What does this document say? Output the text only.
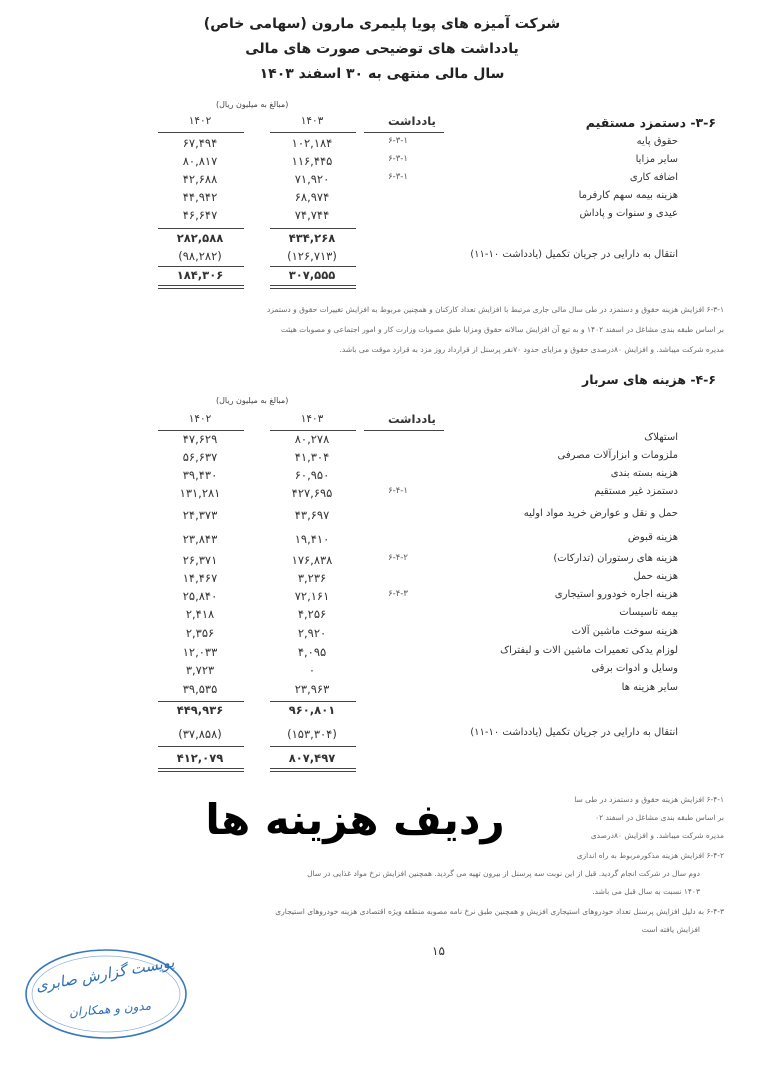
شرکت آمیزه های پویا پلیمری مارون (سهامی خاص)
یادداشت های توضیحی صورت های مالی
سال مالی منتهی به ۳۰ اسفند ۱۴۰۳
۳-۶- دستمزد مستقیم
(مبالغ به میلیون ریال)
۱۴۰۲	۱۴۰۳	یادداشت
۶۷,۴۹۴	۱۰۲,۱۸۴	۶-۳-۱	حقوق پایه
۸۰,۸۱۷	۱۱۶,۴۴۵	۶-۳-۱	سایر مزایا
۴۲,۶۸۸	۷۱,۹۲۰	۶-۳-۱	اضافه کاری
۴۴,۹۴۲	۶۸,۹۷۴	هزینه بیمه سهم کارفرما
۴۶,۶۴۷	۷۴,۷۴۴	عیدی و سنوات و پاداش
۲۸۲,۵۸۸	۴۳۴,۲۶۸
(۹۸,۲۸۲)	(۱۲۶,۷۱۳)	انتقال به دارایی در جریان تکمیل (یادداشت ۱۰-۱۱)
۱۸۴,۳۰۶	۳۰۷,۵۵۵
۶-۳-۱ افزایش هزینه حقوق و دستمزد در طی سال مالی جاری مرتبط با افزایش تعداد کارکنان و همچنین مربوط به افزایش تغییرات حقوق و دستمزد
بر اساس طبقه بندی مشاغل در اسفند ۱۴۰۲ و به تبع آن افزایش سالانه حقوق ومزایا طبق مصوبات وزارت کار و امور اجتماعی و مصوبات هیئت
مدیره شرکت میباشد. و افزایش ۸۰درصدی حقوق و مزایای حدود ۷۰نفر پرسنل از قرارداد روز مزد به قرارد موقت می باشد.
۴-۶- هزینه های سربار
(مبالغ به میلیون ریال)
۱۴۰۲	۱۴۰۳	یادداشت
۴۷,۶۲۹	۸۰,۲۷۸	استهلاک
۵۶,۶۳۷	۴۱,۳۰۴	ملزومات و ابزارآلات مصرفی
۳۹,۴۳۰	۶۰,۹۵۰	هزینه بسته بندی
۱۳۱,۲۸۱	۴۲۷,۶۹۵	۶-۴-۱	دستمزد غیر مستقیم
۲۴,۳۷۳	۴۳,۶۹۷	حمل و نقل و عوارض خرید مواد اولیه
۲۳,۸۴۳	۱۹,۴۱۰	هزینه قبوض
۲۶,۳۷۱	۱۷۶,۸۳۸	۶-۴-۲	هزینه های رستوران (تدارکات)
۱۴,۴۶۷	۳,۲۳۶	هزینه حمل
۲۵,۸۴۰	۷۲,۱۶۱	۶-۴-۳	هزینه اجاره خودورو استیجاری
۲,۴۱۸	۴,۲۵۶	بیمه تاسیسات
۲,۳۵۶	۲,۹۲۰	هزینه سوخت ماشین آلات
۱۲,۰۳۳	۴,۰۹۵	لوزام یدکی تعمیرات ماشین الات و لیفتراک
۳,۷۲۳	۰	وسایل و ادوات برقی
۳۹,۵۳۵	۲۳,۹۶۳	سایر هزینه ها
۴۴۹,۹۳۶	۹۶۰,۸۰۱
(۳۷,۸۵۸)	(۱۵۳,۳۰۴)	انتقال به دارایی در جریان تکمیل (یادداشت ۱۰-۱۱)
۴۱۲,۰۷۹	۸۰۷,۴۹۷
۶-۴-۱ افزایش هزینه حقوق و دستمزد در طی سا
بر اساس طبقه بندی مشاغل در اسفند ۰۲
مدیره شرکت میباشد. و افزایش ۸۰درصدی
۶-۴-۲ افزایش هزینه مذکورمربوط به راه اندازی
دوم سال در شرکت انجام گردید. قبل از این نوبت سه پرسنل از بیرون تهیه می گردید. همچنین افزایش نرخ مواد غذایی در سال
۱۴۰۳ نسبت به سال قبل می باشد.
۶-۴-۳ به دلیل افزایش پرسنل تعداد خودروهای استیجاری افزیش و همچنین طبق نرخ نامه مصوبه منطقه ویژه اقتصادی هزینه خودروهای استیجاری
افزایش یافته است
ردیف هزینه ها
۱۵
پویست گزارش صابری
مدون و همکاران
